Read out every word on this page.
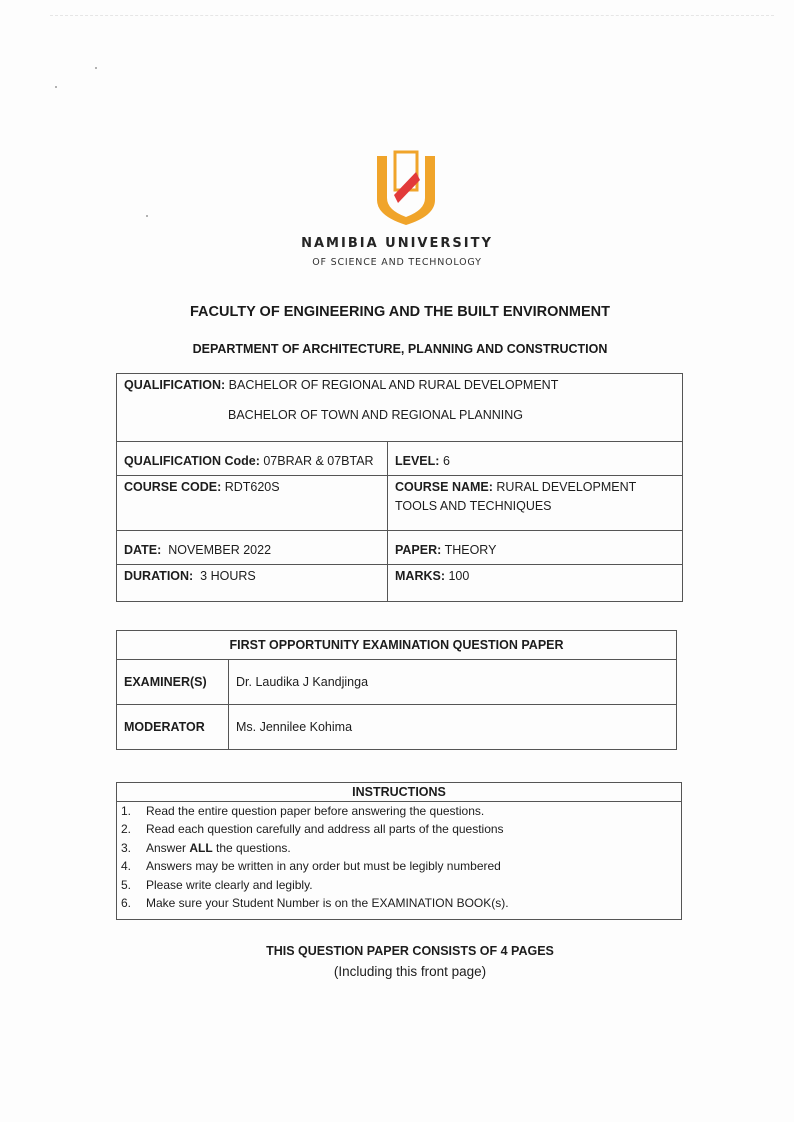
NAMIBIA UNIVERSITY
OF SCIENCE AND TECHNOLOGY
FACULTY OF ENGINEERING AND THE BUILT ENVIRONMENT
DEPARTMENT OF ARCHITECTURE, PLANNING AND CONSTRUCTION
QUALIFICATION: BACHELOR OF REGIONAL AND RURAL DEVELOPMENT
BACHELOR OF TOWN AND REGIONAL PLANNING	

QUALIFICATION Code: 07BRAR & 07BTAR	LEVEL: 6
COURSE CODE: RDT620S	COURSE NAME: RURAL DEVELOPMENT
TOOLS AND TECHNIQUES

DATE: NOVEMBER 2022	PAPER: THEORY
DURATION: 3 HOURS	MARKS: 100
FIRST OPPORTUNITY EXAMINATION QUESTION PAPER	
EXAMINER(S)	Dr. Laudika J Kandjinga
MODERATOR	Ms. Jennilee Kohima
INSTRUCTIONS
1. Read the entire question paper before answering the questions.
2. Read each question carefully and address all parts of the questions
3. Answer ALL the questions.
4. Answers may be written in any order but must be legibly numbered
5. Please write clearly and legibly.
6. Make sure your Student Number is on the EXAMINATION BOOK(s).
THIS QUESTION PAPER CONSISTS OF 4 PAGES
(Including this front page)
